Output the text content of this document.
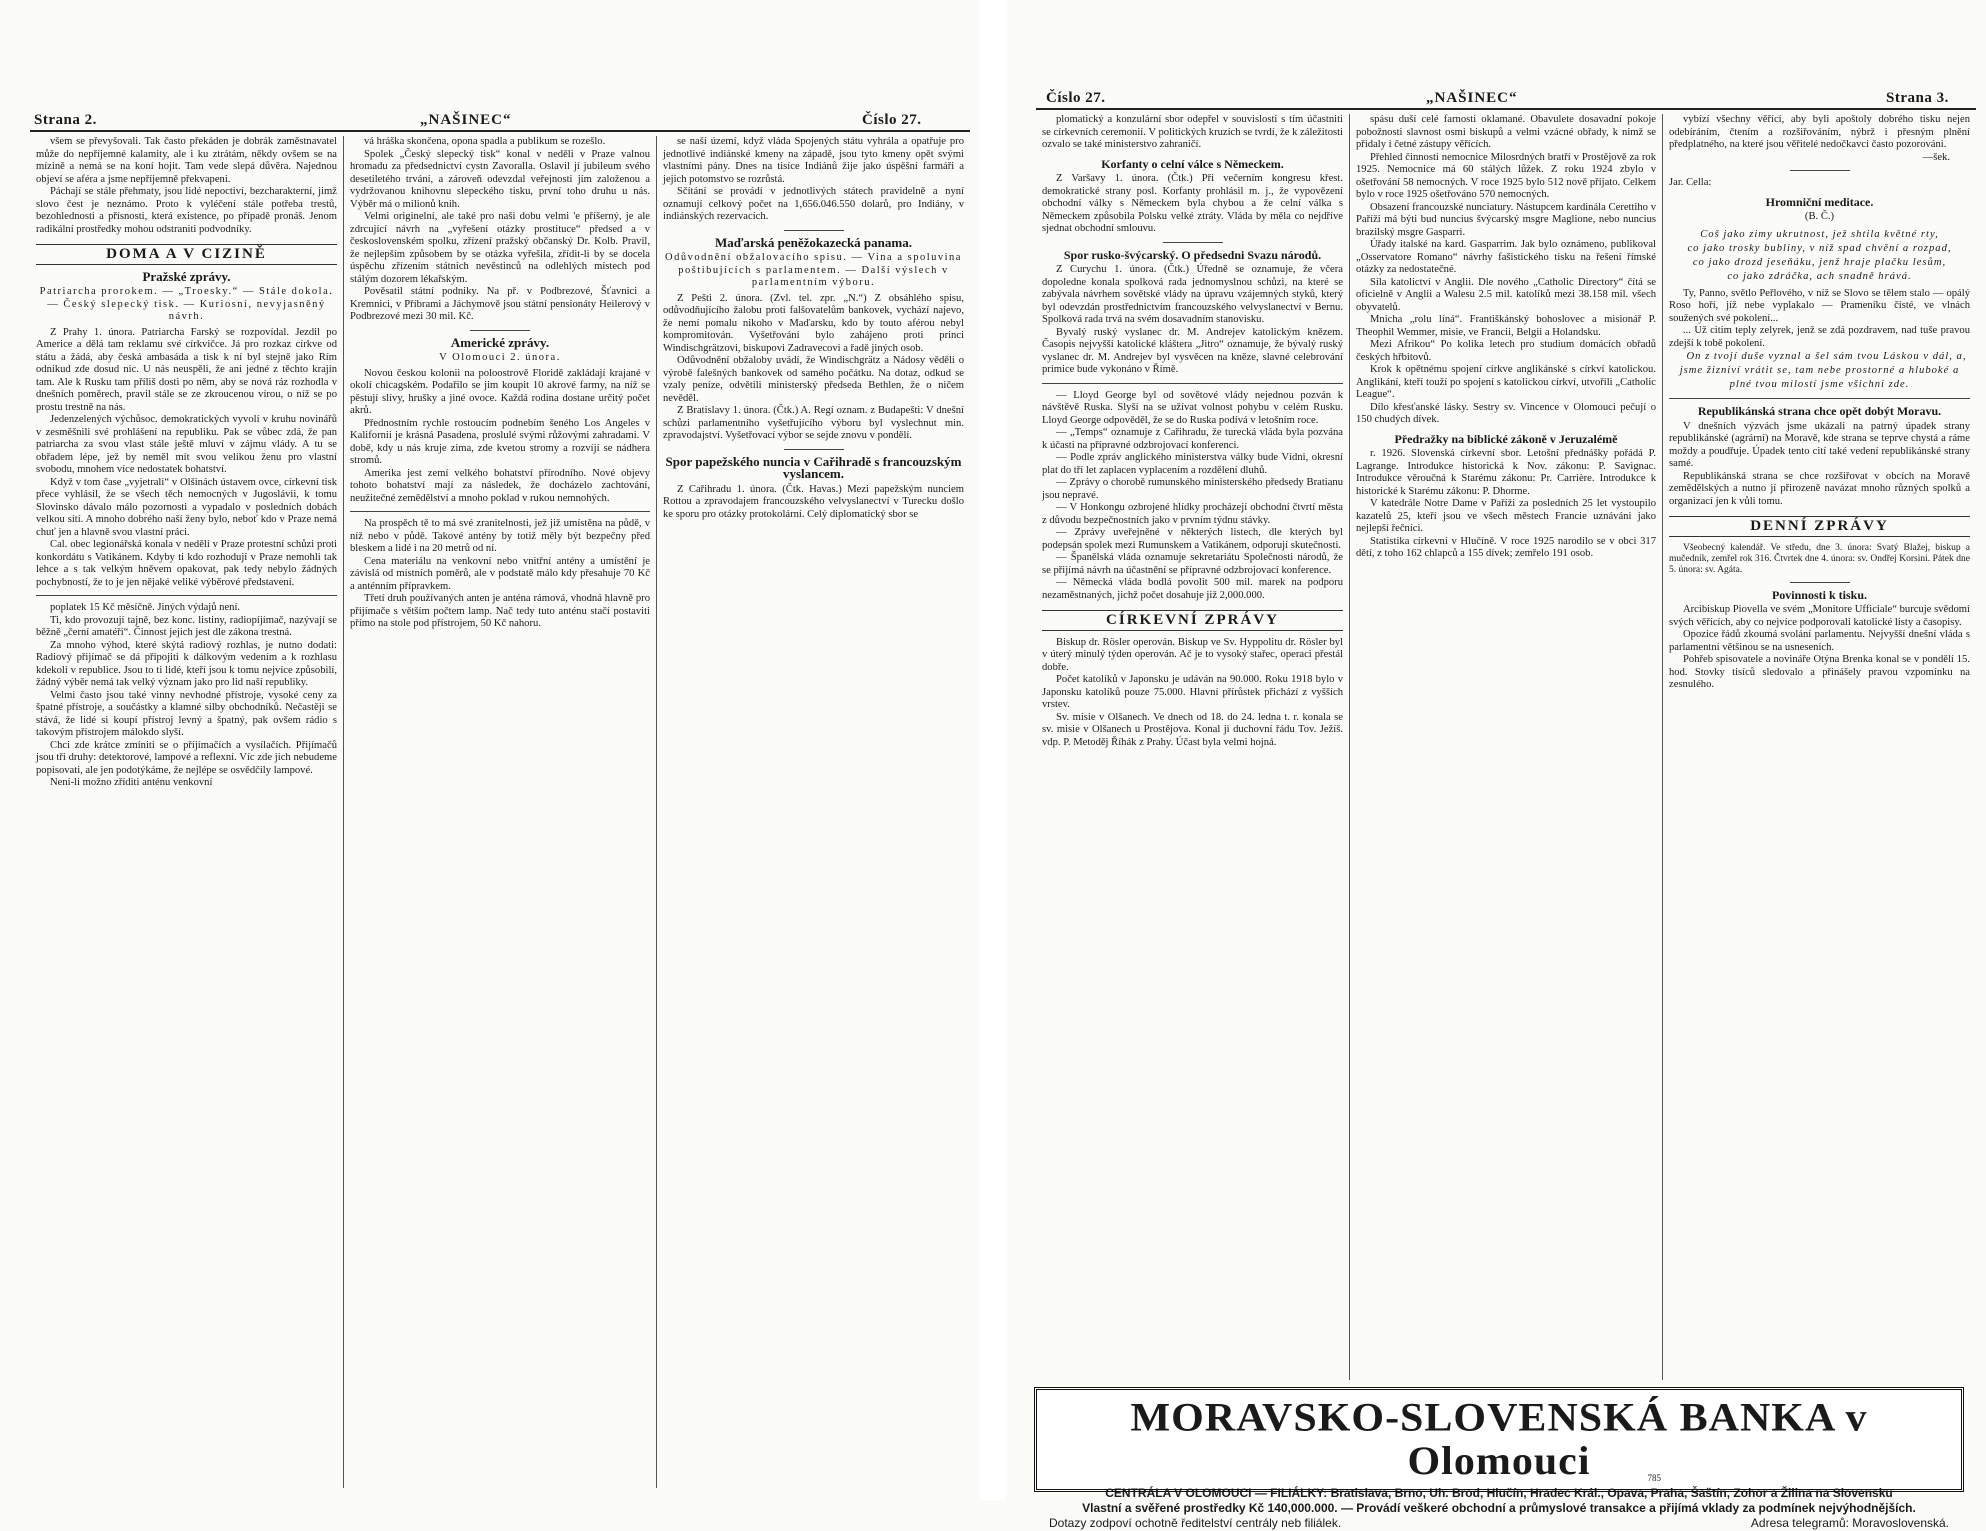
Strana 2.	„NAŠINEC“	Číslo 27.

všem se převyšovali. Tak často překáden je dobrák zaměstnavatel může do nepříjemné kalamity, ale i ku ztrátám, někdy ovšem se na mízině a nemá se na koní hojit. Tam vede slepá důvěra. Najednou objeví se aféra a jsme nepříjemně překvapeni.

Páchají se stále přehmaty, jsou lidé nepoctiví, bezcharakterní, jimž slovo čest je neznámo. Proto k vyléčení stále potřeba trestů, bezohlednosti a přísnosti, která existence, po případě pronáš. Jenom radikální prostředky mohou odstraniti podvodníky.

DOMA A V CIZINĚ
Pražské zprávy.
Patriarcha prorokem. — „Troesky.“ — Stále dokola. — Český slepecký tisk. — Kuriosní, nevyjasněný návrh.

Z Prahy 1. února. Patriarcha Farský se rozpovídal. Jezdil po Americe a dělá tam reklamu své církvičce. Já pro rozkaz církve od státu a žádá, aby česká ambasáda a tisk k ní byl stejně jako Rím odnikud zde dosud nic. U nás neuspěli, že ani jedné z těchto krajin tam. Ale k Rusku tam příliš dosti po něm, aby se nová ráz rozhodla v dnešních poměrech, pravil stále se ze zkroucenou vírou, o níž se po prostu trestně na nás.

Jedenzelených výchůsoc. demokratických vyvolí v kruhu novinářů v zesměšnili své prohlášení na republiku. Pak se vůbec zdá, že pan patriarcha za svou vlast stále ještě mluví v zájmu vlády. A tu se obřadem lépe, jež by neměl mít svou velikou ženu pro vlastní svobodu, mnohem více nedostatek bohatství.

Když v tom čase „vyjetrali“ v Olšinách ústavem ovce, církevní tisk přece vyhlásil, že se všech těch nemocných v Jugoslávii, k tomu Slovinsko dávalo málo pozornosti a vypadalo v posledních dobách velkou sítí. A mnoho dobrého naší ženy bylo, neboť kdo v Praze nemá chuť jen a hlavně svou vlastní práci.

Cal. obec legionářská konala v neděli v Praze protestní schůzi proti konkordátu s Vatikánem. Kdyby ti kdo rozhodují v Praze nemohli tak lehce a s tak velkým hněvem opakovat, pak tedy nebylo žádných pochybností, že to je jen nějaké veliké výběrové představení.

poplatek 15 Kč měsíčně. Jiných výdajů není.

Ti, kdo provozují tajně, bez konc. listiny, radiopíjímač, nazývají se běžně „černí amatéři“. Činnost jejich jest dle zákona trestná.

Za mnoho výhod, které skýtá radiový rozhlas, je nutno dodati: Radiový přijímač se dá připojiti k dálkovým vedením a k rozhlasu kdekoli v republice. Jsou to ti lidé, kteří jsou k tomu nejvíce způsobilí, žádný výběr nemá tak velký význam jako pro lid naší republiky.

Velmi často jsou také vinny nevhodné přístroje, vysoké ceny za špatné přístroje, a součástky a klamné silby obchodníků. Nečastěji se stává, že lidé si koupí přístroj levný a špatný, pak ovšem rádio s takovým přístrojem málokdo slyší.

Chci zde krátce zmíniti se o příjímačích a vysílačích. Přijímačů jsou tři druhy: detektorové, lampové a reflexní. Víc zde jich nebudeme popisovati, ale jen podotýkáme, že nejlépe se osvědčily lampové.

Není-li možno zříditi anténu venkovní

vá hráška skončena, opona spadla a publikum se rozešlo.

Spolek „Český slepecký tisk“ konal v neděli v Praze valnou hromadu za předsednictví cystn Zavoralla. Oslavil jí jubileum svého desetiletého trvání, a zároveň odevzdal veřejnosti jím založenou a vydržovanou knihovnu slepeckého tisku, první toho druhu u nás. Výběr má o milionů knih.

Velmi originelní, ale také pro naši dobu velmi 'e příšerný, je ale zdrcující návrh na „vyřešení otázky prostituce“ předsed a v československém spolku, zřízení pražský občanský Dr. Kolb. Pravil, že nejlepším způsobem by se otázka vyřešila, zřídit-li by se docela úspěchu zřízením státních nevěstinců na odlehlých místech pod stálým dozorem lékařským.

Pověsatil státní podniky. Na př. v Podbrezové, Šťavnici a Kremnici, v Příbrami a Jáchymově jsou státní pensionáty Heilerový v Podbrezové mezi 30 mil. Kč.

Americké zprávy.
V Olomouci 2. února.

Novou českou kolonii na poloostrově Floridě zakládají krajané v okolí chicagském. Podařilo se jim koupit 10 akrové farmy, na níž se pěstují slívy, hrušky a jiné ovoce. Každá rodina dostane určitý počet akrů.

Přednostním rychle rostoucím podnebím šeného Los Angeles v Kalifornii je krásná Pasadena, proslulé svými růžovými zahradami. V době, kdy u nás kruje zima, zde kvetou stromy a rozvíjí se nádhera stromů.

Amerika jest zemí velkého bohatství přírodního. Nové objevy tohoto bohatství mají za následek, že docházelo zachtování, neužitečné zemědělství a mnoho poklad v rukou nemnohých.

Na prospěch tě to má své zranitelnosti, jež již umístěna na půdě, v níž nebo v půdě. Takové antény by totiž měly být bezpečny před bleskem a lidé i na 20 metrů od ní.

Cena materiálu na venkovní nebo vnitřní antény a umístění je závislá od místních poměrů, ale v podstatě málo kdy přesahuje 70 Kč a anténním přípravkem.

Třetí druh používaných anten je anténa rámová, vhodná hlavně pro přijímače s větším počtem lamp. Nač tedy tuto anténu stačí postaviti přímo na stole pod přístrojem, 50 Kč nahoru.

se naší území, když vláda Spojených státu vyhrála a opatřuje pro jednotlivé indiánské kmeny na západě, jsou tyto kmeny opět svými vlastními pány. Dnes na tisíce Indiánů žije jako úspěšní farmáři a jejich potomstvo se rozrůstá.

Sčítání se provádí v jednotlivých státech pravidelně a nyní oznamují celkový počet na 1,656.046.550 dolarů, pro Indiány, v indiánských rezervacích.

Maďarská peněžokazecká panama.
Odůvodnění obžalovacího spisu. — Vina a spoluvina poštibujících s parlamentem. — Další výslech v parlamentním výboru.

Z Pešti 2. února. (Zvl. tel. zpr. „N.“) Z obsáhlého spisu, odůvodňujícího žalobu proti falšovatelům bankovek, vychází najevo, že nemí pomalu nikoho v Maďarsku, kdo by touto aférou nebyl kompromitován. Vyšetřování bylo zahájeno proti princi Windischgrätzovi, biskupovi Zadravecovi a řadě jiných osob.

Odůvodnění obžaloby uvádí, že Windischgrätz a Nádosy věděli o výrobě falešných bankovek od samého počátku. Na dotaz, odkud se vzaly peníze, odvětili ministerský předseda Bethlen, že o ničem nevěděl.

Z Bratislavy 1. února. (Čtk.) A. Regí oznam. z Budapešti: V dnešní schůzi parlamentního vyšetřujícího výboru byl vyslechnut min. zpravodajství. Vyšetřovací výbor se sejde znovu v pondělí.

Spor papežského nuncia v Cařihradě s francouzským vyslancem.

Z Cařihradu 1. února. (Čtk. Havas.) Mezi papežským nunciem Rottou a zpravodajem francouzského velvyslanectví v Turecku došlo ke sporu pro otázky protokolární. Celý diplomatický sbor se

Číslo 27.	„NAŠINEC“	Strana 3.

plomatický a konzulární sbor odepřel v souvislosti s tím účastniti se církevních ceremonií. V politických kruzích se tvrdí, že k záležitosti ozvalo se také ministerstvo zahraničí.

Korfanty o celní válce s Německem.

Z Varšavy 1. února. (Čtk.) Při večerním kongresu křest. demokratické strany posl. Korfanty prohlásil m. j., že vypovězení obchodní války s Německem byla chybou a že celní válka s Německem způsobila Polsku velké ztráty. Vláda by měla co nejdříve sjednat obchodní smlouvu.

Spor rusko-švýcarský. O předsedni Svazu národů.

Z Curychu 1. února. (Čtk.) Úředně se oznamuje, že včera dopoledne konala spolková rada jednomyslnou schůzi, na které se zabývala návrhem sovětské vlády na úpravu vzájemných styků, který byl odevzdán prostřednictvím francouzského velvyslanectví v Bernu. Spolková rada trvá na svém dosavadním stanovisku.

Byvalý ruský vyslanec dr. M. Andrejev katolickým knězem. Časopis nejvyšší katolické kláštera „Jitro“ oznamuje, že bývalý ruský vyslanec dr. M. Andrejev byl vysvěcen na kněze, slavné celebrování primice bude vykonáno v Římě.

— Lloyd George byl od sovětové vlády nejednou pozván k návštěvě Ruska. Slyší na se užívat volnost pohybu v celém Rusku. Lloyd George odpověděl, že se do Ruska podívá v letošním roce.

— „Temps“ oznamuje z Cařihradu, že turecká vláda byla pozvána k účasti na přípravné odzbrojovací konferenci.

— Podle zpráv anglického ministerstva války bude Vídni, okresní plat do tří let zaplacen vyplacením a rozdělení dluhů.

— Zprávy o chorobě rumunského ministerského předsedy Bratianu jsou nepravé.

— V Honkongu ozbrojené hlídky procházejí obchodní čtvrtí města z důvodu bezpečnostních jako v prvním týdnu stávky.

— Zprávy uveřejněné v některých listech, dle kterých byl podepsán spolek mezi Rumunskem a Vatikánem, odporují skutečnosti.

— Španělská vláda oznamuje sekretariátu Společnosti národů, že se přijímá návrh na účastnění se přípravné odzbrojovací konference.

— Německá vláda bodlá povolit 500 mil. marek na podporu nezaměstnaných, jichž počet dosahuje již 2,000.000.

CÍRKEVNÍ ZPRÁVY

Biskup dr. Rösler operován. Biskup ve Sv. Hyppolitu dr. Rösler byl v úterý minulý týden operován. Ač je to vysoký stařec, operaci přestál dobře.

Počet katolíků v Japonsku je udáván na 90.000. Roku 1918 bylo v Japonsku katolíků pouze 75.000. Hlavní přírůstek přichází z vyšších vrstev.

Sv. misie v Olšanech. Ve dnech od 18. do 24. ledna t. r. konala se sv. misie v Olšanech u Prostějova. Konal ji duchovní řádu Tov. Ježíš. vdp. P. Metoděj Říhák z Prahy. Účast byla velmi hojná.

spásu duší celé farnosti oklamané. Obavulete dosavadní pokoje pobožnosti slavnost osmi biskupů a velmi vzácné obřady, k nimž se přidaly i četné zástupy věřících.

Přehled činnosti nemocnice Milosrdných bratří v Prostějově za rok 1925. Nemocnice má 60 stálých lůžek. Z roku 1924 zbylo v ošetřování 58 nemocných. V roce 1925 bylo 512 nově přijato. Celkem bylo v roce 1925 ošetřováno 570 nemocných.

Obsazení francouzské nunciatury. Nástupcem kardinála Cerettiho v Paříži má býti bud nuncius švýcarský msgre Maglione, nebo nuncius brazilský msgre Gasparri.

Úřady italské na kard. Gasparrim. Jak bylo oznámeno, publikoval „Osservatore Romano“ návrhy fašistického tisku na řešení římské otázky za nedostatečné.

Síla katolictví v Anglii. Dle nového „Catholic Directory“ čítá se oficielně v Anglii a Walesu 2.5 mil. katolíků mezi 38.158 mil. všech obyvatelů.

Mnicha „rolu líná“. Františkánský bohoslovec a misionář P. Theophil Wemmer, misie, ve Francii, Belgii a Holandsku.

Mezi Afrikou“ Po kolika letech pro studium domácích obřadů českých hřbitovů.

Krok k opětnému spojení církve anglikánské s církví katolickou. Anglikání, kteří touží po spojení s katolickou církví, utvořili „Catholic League“.

Dílo křesťanské lásky. Sestry sv. Vincence v Olomouci pečují o 150 chudých dívek.

Předražky na biblické zákoně v Jeruzalémě

r. 1926. Slovenská církevní sbor. Letošní přednášky pořádá P. Lagrange. Introdukce historická k Nov. zákonu: P. Savignac. Introdukce věroučná k Starému zákonu: Pr. Carrière. Introdukce k historické k Starému zákonu: P. Dhorme.

V katedrále Notre Dame v Paříži za posledních 25 let vystoupilo kazatelů 25, kteří jsou ve všech městech Francie uznáváni jako nejlepší řečníci.

Statistika církevní v Hlučíně. V roce 1925 narodilo se v obci 317 dětí, z toho 162 chlapců a 155 dívek; zemřelo 191 osob.

vybízí všechny věřící, aby byli apoštoly dobrého tisku nejen odebíráním, čtením a rozšiřováním, nýbrž i přesným plnění předplatného, na které jsou věřitelé nedočkavci často pozorováni.

—šek.
Jar. Cella:
Hromniční meditace.
(B. Č.)
Coš jako zimy ukrutnost, jež shtila květné rty,
co jako trosky bubliny, v níž spad chvění a rozpad,
co jako drozd jeseňáku, jenž hraje plačku lesům,
co jako zdráčka, ach snadně hrává.

Ty, Panno, světlo Peřlového, v níž se Slovo se tělem stalo — opálý Roso hoří, jíž nebe vyplakalo — Prameníku čisté, ve vlnách soužených své pokolení...

... Už citím teply zelyrek, jenž se zdá pozdravem, nad tuše pravou zdejší k tobě pokolení.

On z tvojí duše vyznal a šel sám tvou Láskou v dál, a, jsme žizniví vrátit se, tam nebe prostorné a hluboké a plné tvou milostí jsme všichni zde.

Republikánská strana chce opět dobýt Moravu.

V dnešních výzvách jsme ukázali na patrný úpadek strany republikánské (agrární) na Moravě, kde strana se teprve chystá a ráme moždy a poudřuje. Úpadek tento cití také vedení republikánské strany samé.

Republikánská strana se chce rozšiřovat v obcích na Moravě zemědělských a nutno jí přirozeně navázat mnoho různých spolků a organizací jen k vůli tomu.

DENNÍ ZPRÁVY

Všeobecný kalendář. Ve středu, dne 3. února: Svatý Blažej, biskup a mučedník, zemřel rok 316. Čtvrtek dne 4. února: sv. Ondřej Korsini. Pátek dne 5. února: sv. Agáta.

Povinnosti k tisku.

Arcibiskup Piovella ve svém „Monitore Ufficiale“ burcuje svědomí svých věřících, aby co nejvíce podporovali katolické listy a časopisy.

Opozice řádů zkoumá svolání parlamentu. Nejvyšší dnešní vláda s parlamentní většinou se na usneseních.

Pohřeb spisovatele a novináře Otýna Brenka konal se v pondělí 15. hod. Stovky tisíců sledovalo a přinášely pravou vzpomínku na zesnulého.

MORAVSKO-SLOVENSKÁ BANKA v Olomouci
CENTRÁLA V OLOMOUCI — FILIÁLKY: Bratislava, Brno, Uh. Brod, Hlučín, Hradec Král., Opava, Praha, Šaštín, Zohor a Žilina na Slovensku
Vlastní a svěřené prostředky Kč 140,000.000. — Provádí veškeré obchodní a průmyslové transakce a přijímá vklady za podmínek nejvýhodnějších.
Dotazy zodpoví ochotně ředitelství centrály neb filiálek.	Adresa telegramů: Moravoslovenská.
785
